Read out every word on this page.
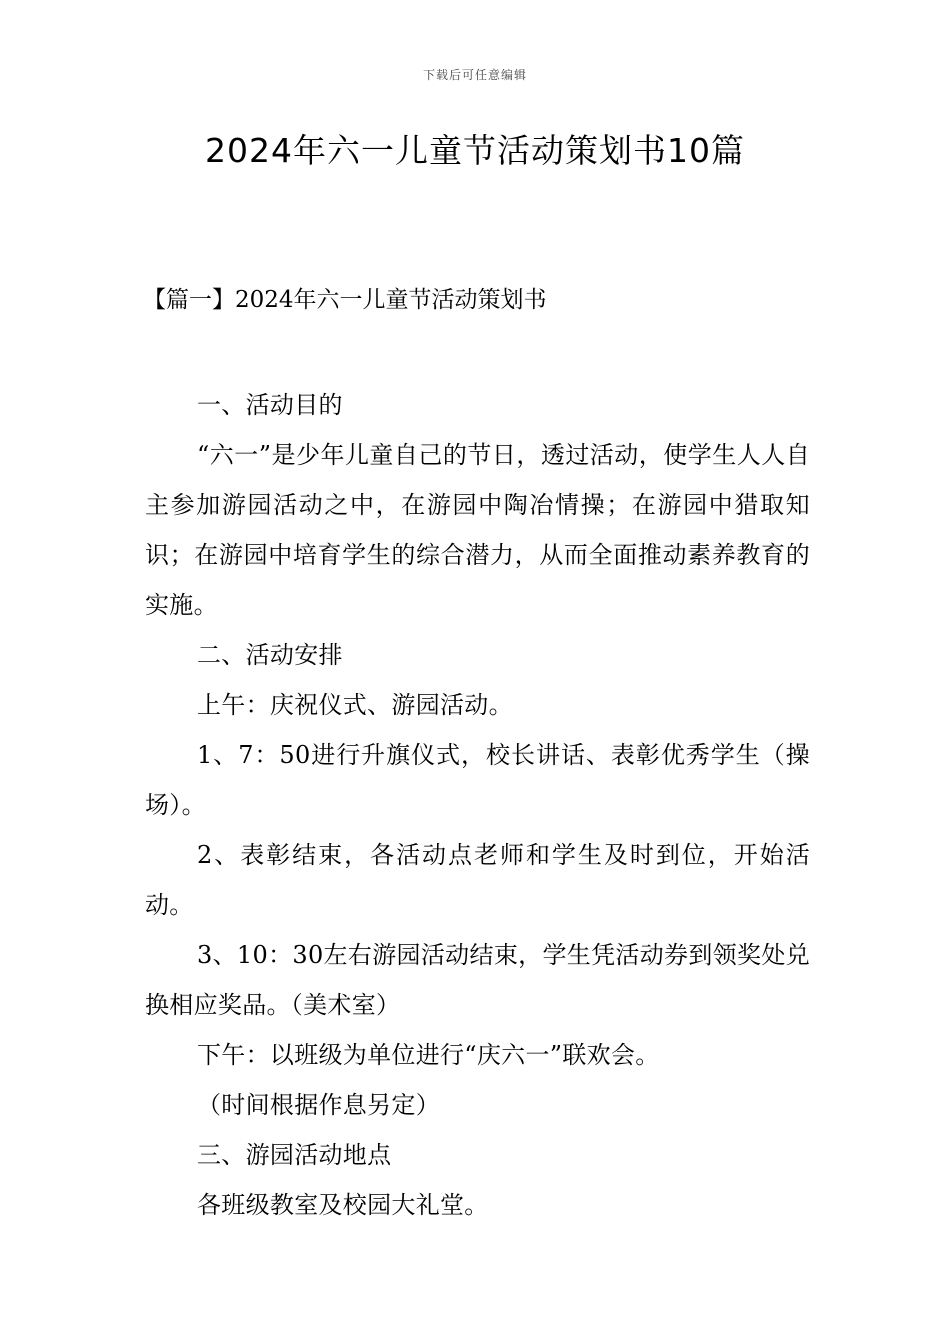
下载后可任意编辑
2024年六一儿童节活动策划书10篇
【篇一】2024年六一儿童节活动策划书

一、活动目的

“六一”是少年儿童自己的节日，透过活动，使学生人人自主参加游园活动之中，在游园中陶冶情操；在游园中猎取知识；在游园中培育学生的综合潜力，从而全面推动素养教育的实施。

二、活动安排

上午：庆祝仪式、游园活动。

1、7：50进行升旗仪式，校长讲话、表彰优秀学生（操场）。

2、表彰结束，各活动点老师和学生及时到位，开始活动。

3、10：30左右游园活动结束，学生凭活动券到领奖处兑换相应奖品。（美术室）

下午：以班级为单位进行“庆六一”联欢会。

（时间根据作息另定）

三、游园活动地点

各班级教室及校园大礼堂。
